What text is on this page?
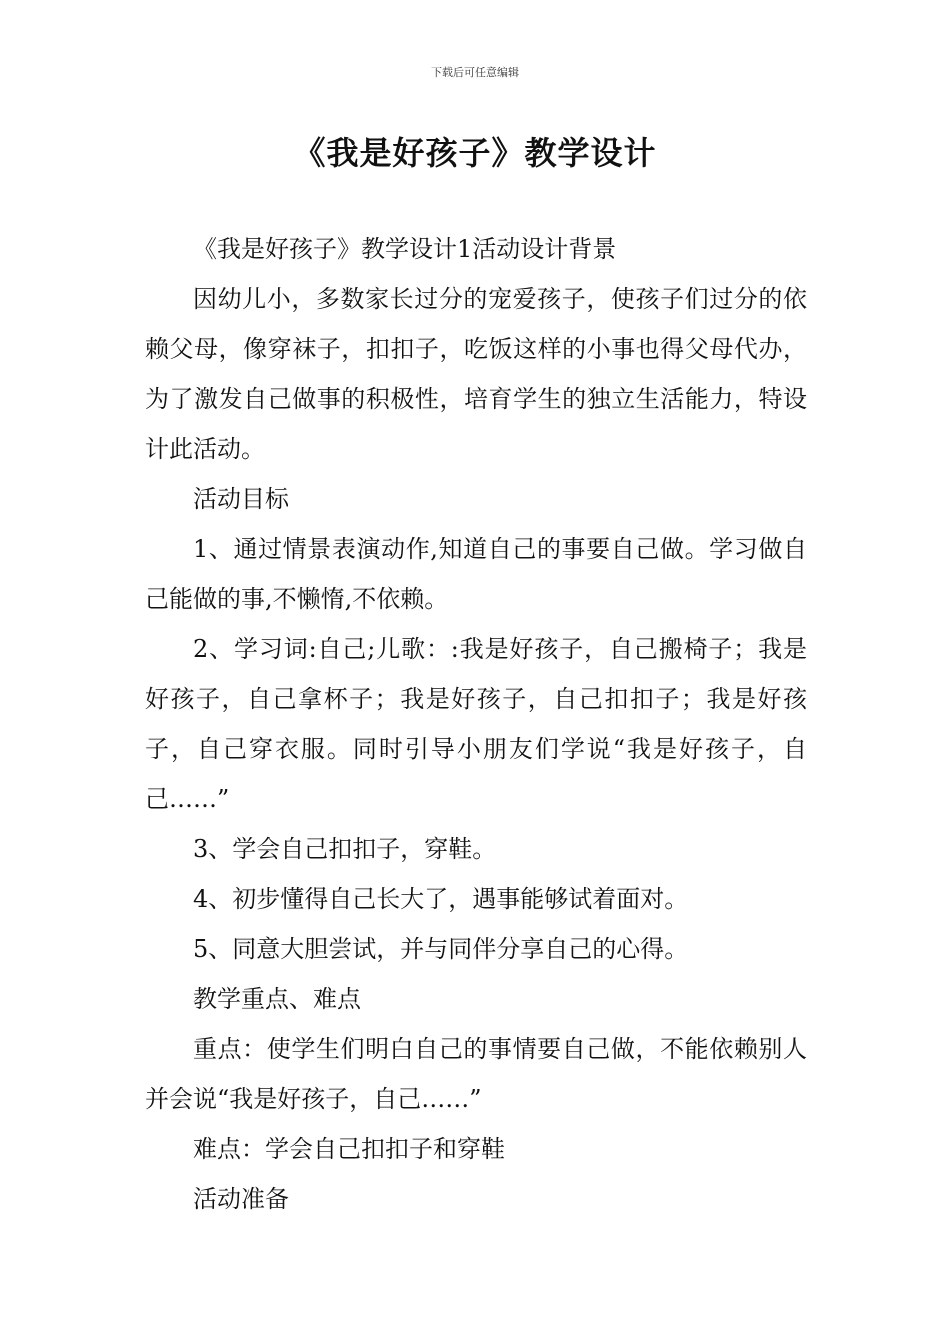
下载后可任意编辑
《我是好孩子》教学设计

《我是好孩子》教学设计1活动设计背景

因幼儿小，多数家长过分的宠爱孩子，使孩子们过分的依赖父母，像穿袜子，扣扣子，吃饭这样的小事也得父母代办，为了激发自己做事的积极性，培育学生的独立生活能力，特设计此活动。

活动目标

1、通过情景表演动作,知道自己的事要自己做。学习做自己能做的事,不懒惰,不依赖。

2、学习词:自己;儿歌：:我是好孩子，自己搬椅子；我是好孩子，自己拿杯子；我是好孩子，自己扣扣子；我是好孩子，自己穿衣服。同时引导小朋友们学说“我是好孩子，自己……”

3、学会自己扣扣子，穿鞋。

4、初步懂得自己长大了，遇事能够试着面对。

5、同意大胆尝试，并与同伴分享自己的心得。

教学重点、难点

重点：使学生们明白自己的事情要自己做，不能依赖别人并会说“我是好孩子，自己……”

难点：学会自己扣扣子和穿鞋

活动准备
